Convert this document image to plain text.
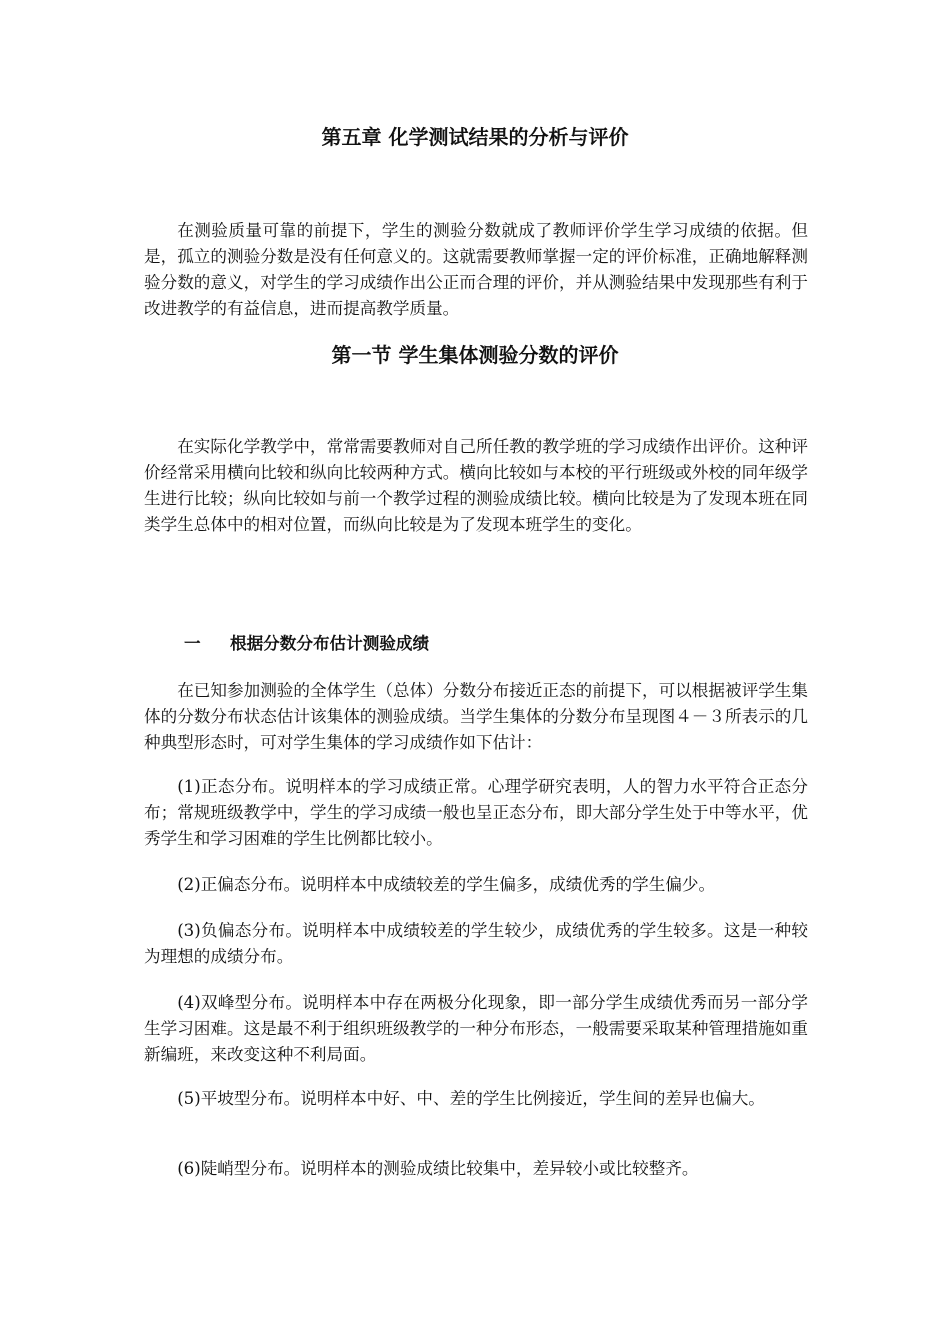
第五章 化学测试结果的分析与评价

在测验质量可靠的前提下，学生的测验分数就成了教师评价学生学习成绩的依据。但是，孤立的测验分数是没有任何意义的。这就需要教师掌握一定的评价标准，正确地解释测验分数的意义，对学生的学习成绩作出公正而合理的评价，并从测验结果中发现那些有利于改进教学的有益信息，进而提高教学质量。

第一节 学生集体测验分数的评价

在实际化学教学中，常常需要教师对自己所任教的教学班的学习成绩作出评价。这种评价经常采用横向比较和纵向比较两种方式。横向比较如与本校的平行班级或外校的同年级学生进行比较；纵向比较如与前一个教学过程的测验成绩比较。横向比较是为了发现本班在同类学生总体中的相对位置，而纵向比较是为了发现本班学生的变化。

一 根据分数分布估计测验成绩

在已知参加测验的全体学生（总体）分数分布接近正态的前提下，可以根据被评学生集体的分数分布状态估计该集体的测验成绩。当学生集体的分数分布呈现图４－３所表示的几种典型形态时，可对学生集体的学习成绩作如下估计：

(1)正态分布。说明样本的学习成绩正常。心理学研究表明，人的智力水平符合正态分布；常规班级教学中，学生的学习成绩一般也呈正态分布，即大部分学生处于中等水平，优秀学生和学习困难的学生比例都比较小。

(2)正偏态分布。说明样本中成绩较差的学生偏多，成绩优秀的学生偏少。

(3)负偏态分布。说明样本中成绩较差的学生较少，成绩优秀的学生较多。这是一种较为理想的成绩分布。

(4)双峰型分布。说明样本中存在两极分化现象，即一部分学生成绩优秀而另一部分学生学习困难。这是最不利于组织班级教学的一种分布形态，一般需要采取某种管理措施如重新编班，来改变这种不利局面。

(5)平坡型分布。说明样本中好、中、差的学生比例接近，学生间的差异也偏大。

(6)陡峭型分布。说明样本的测验成绩比较集中，差异较小或比较整齐。
